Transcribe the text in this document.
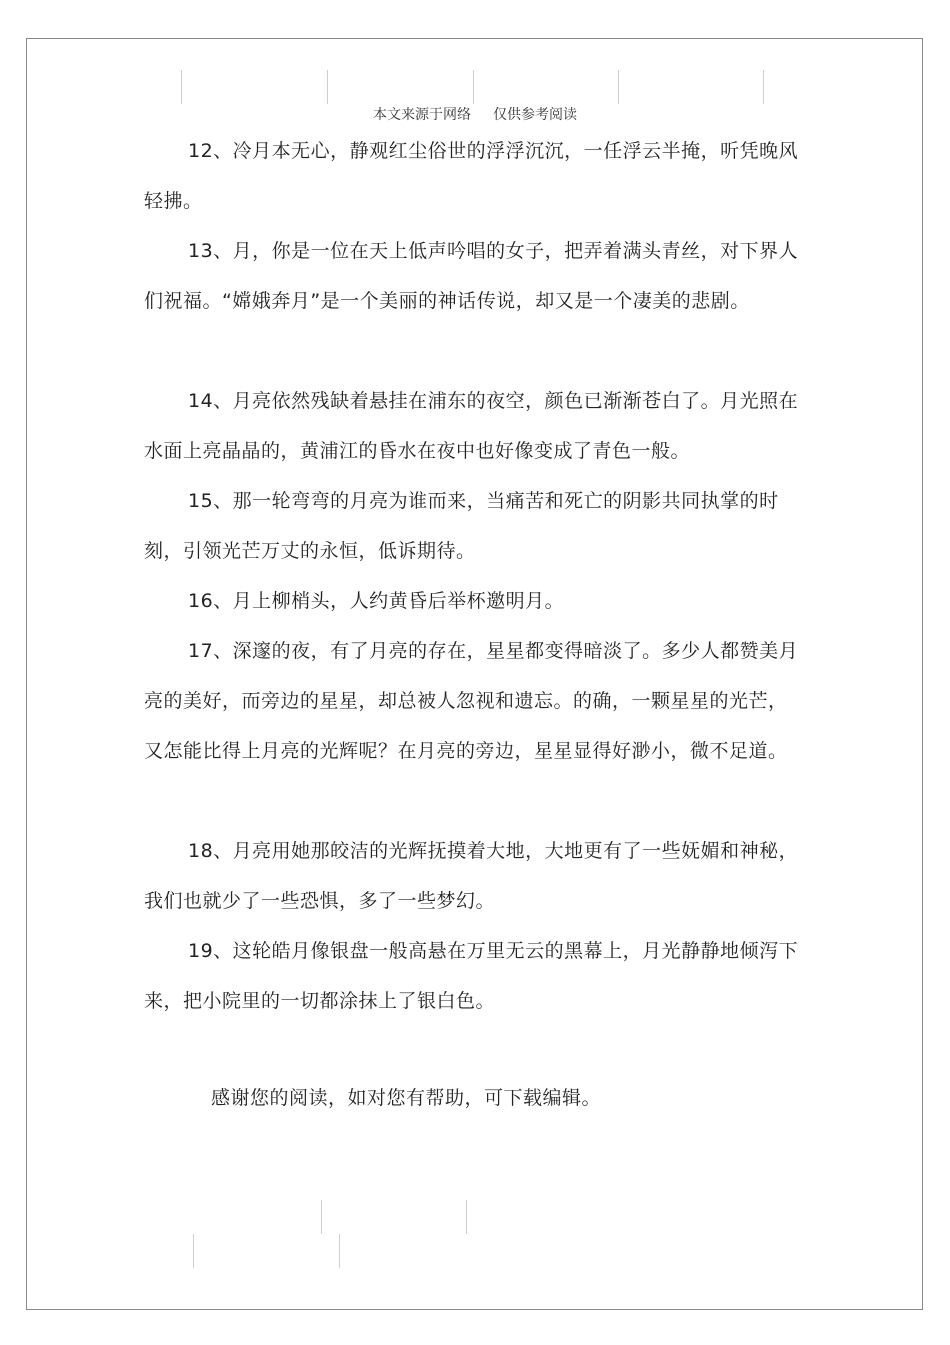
本文来源于网络 仅供参考阅读

12、冷月本无心，静观红尘俗世的浮浮沉沉，一任浮云半掩，听凭晚风轻拂。

13、月，你是一位在天上低声吟唱的女子，把弄着满头青丝，对下界人们祝福。“嫦娥奔月”是一个美丽的神话传说，却又是一个凄美的悲剧。

14、月亮依然残缺着悬挂在浦东的夜空，颜色已渐渐苍白了。月光照在水面上亮晶晶的，黄浦江的昏水在夜中也好像变成了青色一般。

15、那一轮弯弯的月亮为谁而来，当痛苦和死亡的阴影共同执掌的时刻，引领光芒万丈的永恒，低诉期待。

16、月上柳梢头，人约黄昏后举杯邀明月。

17、深邃的夜，有了月亮的存在，星星都变得暗淡了。多少人都赞美月亮的美好，而旁边的星星，却总被人忽视和遗忘。的确，一颗星星的光芒，又怎能比得上月亮的光辉呢？在月亮的旁边，星星显得好渺小，微不足道。

18、月亮用她那皎洁的光辉抚摸着大地，大地更有了一些妩媚和神秘，我们也就少了一些恐惧，多了一些梦幻。

19、这轮皓月像银盘一般高悬在万里无云的黑幕上，月光静静地倾泻下来，把小院里的一切都涂抹上了银白色。

感谢您的阅读，如对您有帮助，可下载编辑。
